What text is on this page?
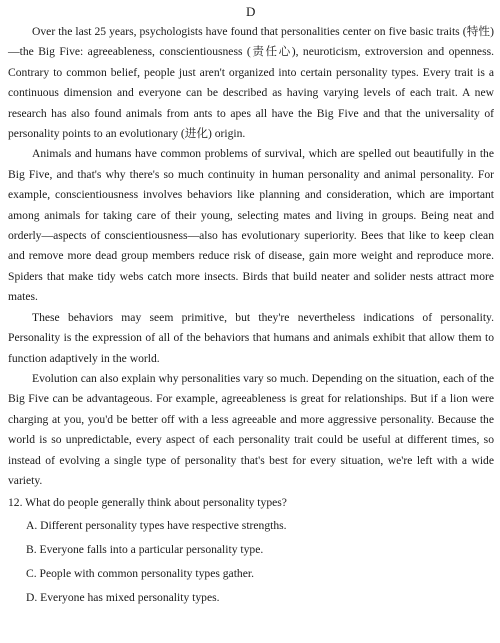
D

Over the last 25 years, psychologists have found that personalities center on five basic traits (特性)—the Big Five: agreeableness, conscientiousness (责任心), neuroticism, extroversion and openness. Contrary to common belief, people just aren't organized into certain personality types. Every trait is a continuous dimension and everyone can be described as having varying levels of each trait. A new research has also found animals from ants to apes all have the Big Five and that the universality of personality points to an evolutionary (进化) origin.

Animals and humans have common problems of survival, which are spelled out beautifully in the Big Five, and that's why there's so much continuity in human personality and animal personality. For example, conscientiousness involves behaviors like planning and consideration, which are important among animals for taking care of their young, selecting mates and living in groups. Being neat and orderly—aspects of conscientiousness—also has evolutionary superiority. Bees that like to keep clean and remove more dead group members reduce risk of disease, gain more weight and reproduce more. Spiders that make tidy webs catch more insects. Birds that build neater and solider nests attract more mates.

These behaviors may seem primitive, but they're nevertheless indications of personality. Personality is the expression of all of the behaviors that humans and animals exhibit that allow them to function adaptively in the world.

Evolution can also explain why personalities vary so much. Depending on the situation, each of the Big Five can be advantageous. For example, agreeableness is great for relationships. But if a lion were charging at you, you'd be better off with a less agreeable and more aggressive personality. Because the world is so unpredictable, every aspect of each personality trait could be useful at different times, so instead of evolving a single type of personality that's best for every situation, we're left with a wide variety.

12. What do people generally think about personality types?

A. Different personality types have respective strengths.
B. Everyone falls into a particular personality type.
C. People with common personality types gather.
D. Everyone has mixed personality types.
